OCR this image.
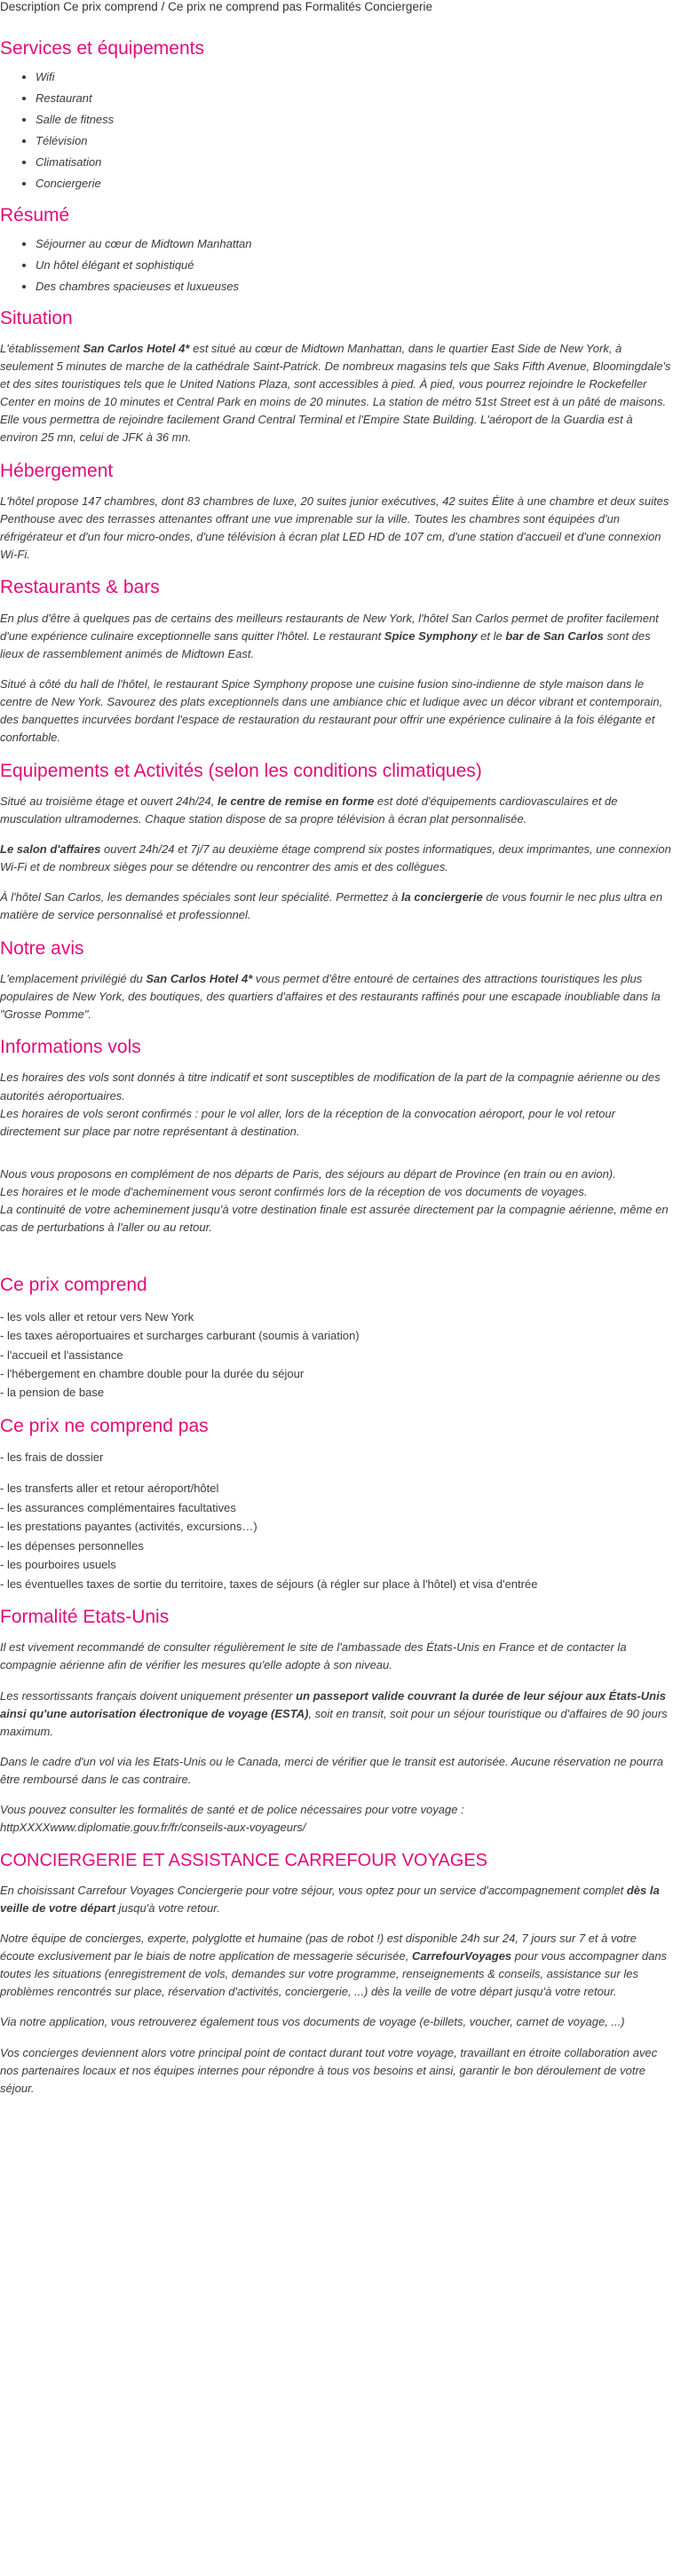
Description Ce prix comprend / Ce prix ne comprend pas Formalités Conciergerie
Services et équipements
• Wifi
• Restaurant
• Salle de fitness
• Télévision
• Climatisation
• Conciergerie
Résumé
• Séjourner au cœur de Midtown Manhattan
• Un hôtel élégant et sophistiqué
• Des chambres spacieuses et luxueuses
Situation

L'établissement San Carlos Hotel 4* est situé au cœur de Midtown Manhattan, dans le quartier East Side de New York, à seulement 5 minutes de marche de la cathédrale Saint-Patrick. De nombreux magasins tels que Saks Fifth Avenue, Bloomingdale's et des sites touristiques tels que le United Nations Plaza, sont accessibles à pied. À pied, vous pourrez rejoindre le Rockefeller Center en moins de 10 minutes et Central Park en moins de 20 minutes. La station de métro 51st Street est à un pâté de maisons. Elle vous permettra de rejoindre facilement Grand Central Terminal et l'Empire State Building. L'aéroport de la Guardia est à environ 25 mn, celui de JFK à 36 mn.

Hébergement

L'hôtel propose 147 chambres, dont 83 chambres de luxe, 20 suites junior exécutives, 42 suites Élite à une chambre et deux suites Penthouse avec des terrasses attenantes offrant une vue imprenable sur la ville. Toutes les chambres sont équipées d'un réfrigérateur et d'un four micro-ondes, d'une télévision à écran plat LED HD de 107 cm, d'une station d'accueil et d'une connexion Wi-Fi.

Restaurants & bars

En plus d'être à quelques pas de certains des meilleurs restaurants de New York, l'hôtel San Carlos permet de profiter facilement d'une expérience culinaire exceptionnelle sans quitter l'hôtel. Le restaurant Spice Symphony et le bar de San Carlos sont des lieux de rassemblement animés de Midtown East.

Situé à côté du hall de l'hôtel, le restaurant Spice Symphony propose une cuisine fusion sino-indienne de style maison dans le centre de New York. Savourez des plats exceptionnels dans une ambiance chic et ludique avec un décor vibrant et contemporain, des banquettes incurvées bordant l'espace de restauration du restaurant pour offrir une expérience culinaire à la fois élégante et confortable.

Equipements et Activités (selon les conditions climatiques)

Situé au troisième étage et ouvert 24h/24, le centre de remise en forme est doté d'équipements cardiovasculaires et de musculation ultramodernes. Chaque station dispose de sa propre télévision à écran plat personnalisée.

Le salon d'affaires ouvert 24h/24 et 7j/7 au deuxième étage comprend six postes informatiques, deux imprimantes, une connexion Wi-Fi et de nombreux sièges pour se détendre ou rencontrer des amis et des collègues.

À l'hôtel San Carlos, les demandes spéciales sont leur spécialité. Permettez à la conciergerie de vous fournir le nec plus ultra en matière de service personnalisé et professionnel.

Notre avis

L'emplacement privilégié du San Carlos Hotel 4* vous permet d'être entouré de certaines des attractions touristiques les plus populaires de New York, des boutiques, des quartiers d'affaires et des restaurants raffinés pour une escapade inoubliable dans la "Grosse Pomme".

Informations vols
Les horaires des vols sont donnés à titre indicatif et sont susceptibles de modification de la part de la compagnie aérienne ou des autorités aéroportuaires.
Les horaires de vols seront confirmés : pour le vol aller, lors de la réception de la convocation aéroport, pour le vol retour directement sur place par notre représentant à destination.
Nous vous proposons en complément de nos départs de Paris, des séjours au départ de Province (en train ou en avion).
Les horaires et le mode d'acheminement vous seront confirmés lors de la réception de vos documents de voyages.
La continuité de votre acheminement jusqu'à votre destination finale est assurée directement par la compagnie aérienne, même en cas de perturbations à l'aller ou au retour.
Ce prix comprend
- les vols aller et retour vers New York
- les taxes aéroportuaires et surcharges carburant (soumis à variation)
- l'accueil et l'assistance
- l'hébergement en chambre double pour la durée du séjour
- la pension de base
Ce prix ne comprend pas
- les frais de dossier
- les transferts aller et retour aéroport/hôtel
- les assurances complémentaires facultatives
- les prestations payantes (activités, excursions…)
- les dépenses personnelles
- les pourboires usuels
- les éventuelles taxes de sortie du territoire, taxes de séjours (à régler sur place à l'hôtel) et visa d'entrée
Formalité Etats-Unis

Il est vivement recommandé de consulter régulièrement le site de l'ambassade des États-Unis en France et de contacter la compagnie aérienne afin de vérifier les mesures qu'elle adopte à son niveau.

Les ressortissants français doivent uniquement présenter un passeport valide couvrant la durée de leur séjour aux États-Unis ainsi qu'une autorisation électronique de voyage (ESTA), soit en transit, soit pour un séjour touristique ou d'affaires de 90 jours maximum.

Dans le cadre d'un vol via les Etats-Unis ou le Canada, merci de vérifier que le transit est autorisée. Aucune réservation ne pourra être remboursé dans le cas contraire.

Vous pouvez consulter les formalités de santé et de police nécessaires pour votre voyage :
httpXXXXwww.diplomatie.gouv.fr/fr/conseils-aux-voyageurs/

CONCIERGERIE ET ASSISTANCE CARREFOUR VOYAGES

En choisissant Carrefour Voyages Conciergerie pour votre séjour, vous optez pour un service d'accompagnement complet dès la veille de votre départ jusqu'à votre retour.

Notre équipe de concierges, experte, polyglotte et humaine (pas de robot !) est disponible 24h sur 24, 7 jours sur 7 et à votre écoute exclusivement par le biais de notre application de messagerie sécurisée, CarrefourVoyages pour vous accompagner dans toutes les situations (enregistrement de vols, demandes sur votre programme, renseignements & conseils, assistance sur les problèmes rencontrés sur place, réservation d'activités, conciergerie, ...) dès la veille de votre départ jusqu'à votre retour.

Via notre application, vous retrouverez également tous vos documents de voyage (e-billets, voucher, carnet de voyage, ...)

Vos concierges deviennent alors votre principal point de contact durant tout votre voyage, travaillant en étroite collaboration avec nos partenaires locaux et nos équipes internes pour répondre à tous vos besoins et ainsi, garantir le bon déroulement de votre séjour.
